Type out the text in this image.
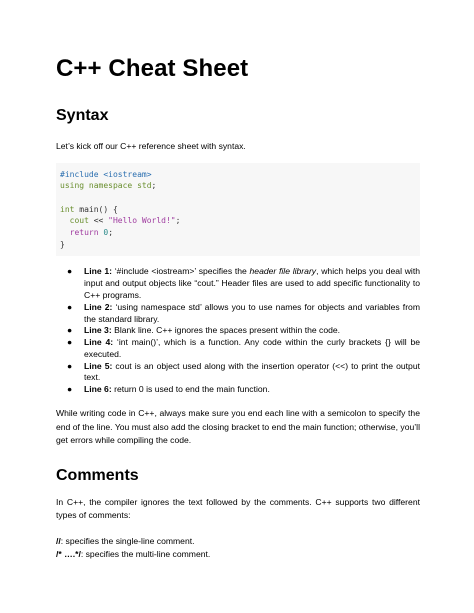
C++ Cheat Sheet
Syntax

Let’s kick off our C++ reference sheet with syntax.

#include <iostream>
using namespace std;
int main() {
cout << "Hello World!";
return 0;
}
● Line 1: ‘#include <iostream>’ specifies the header file library, which helps you deal with input and output objects like “cout.” Header files are used to add specific functionality to C++ programs.
● Line 2: ‘using namespace std’ allows you to use names for objects and variables from the standard library.
● Line 3: Blank line. C++ ignores the spaces present within the code.
● Line 4: ‘int main()’, which is a function. Any code within the curly brackets {} will be executed.
● Line 5: cout is an object used along with the insertion operator (<<) to print the output text.
● Line 6: return 0 is used to end the main function.

While writing code in C++, always make sure you end each line with a semicolon to specify the end of the line. You must also add the closing bracket to end the main function; otherwise, you’ll get errors while compiling the code.

Comments

In C++, the compiler ignores the text followed by the comments. C++ supports two different types of comments:

//: specifies the single-line comment.

/* ….*/: specifies the multi-line comment.
